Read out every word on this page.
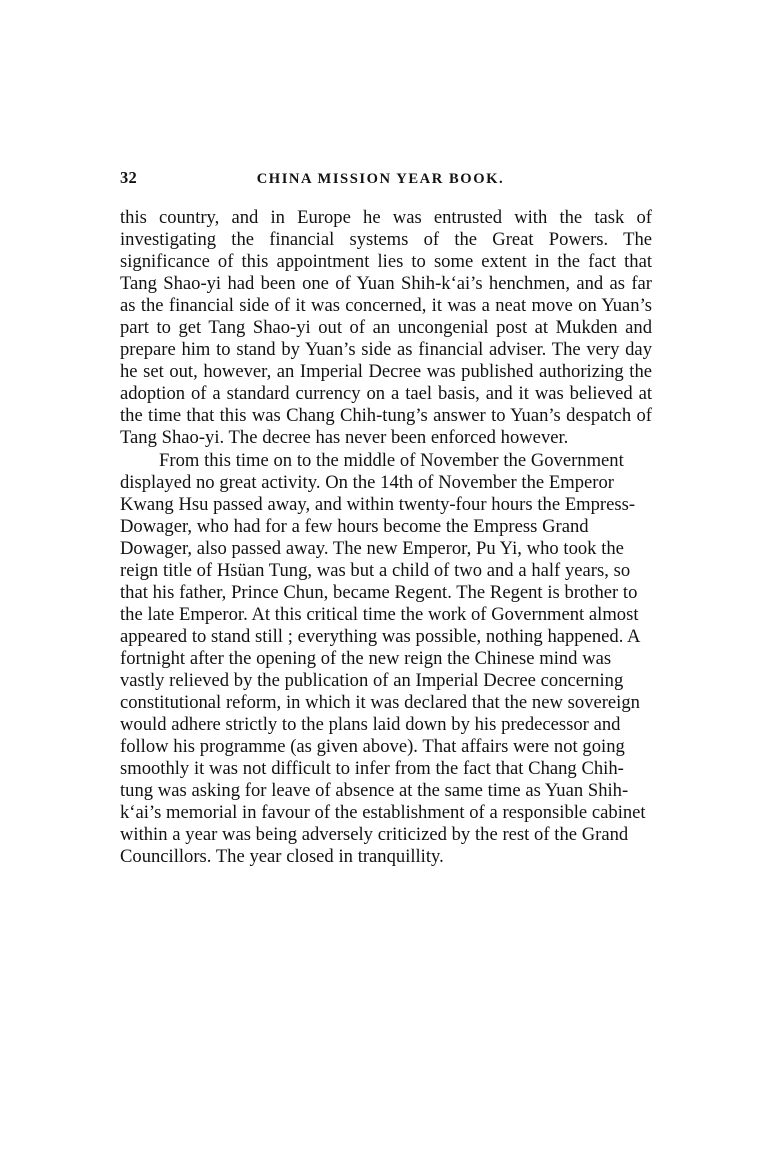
32	CHINA MISSION YEAR BOOK.

this country, and in Europe he was entrusted with the task of investigating the financial systems of the Great Powers. The significance of this appointment lies to some extent in the fact that Tang Shao-yi had been one of Yuan Shih-kʻai’s henchmen, and as far as the financial side of it was concerned, it was a neat move on Yuan’s part to get Tang Shao-yi out of an uncongenial post at Mukden and prepare him to stand by Yuan’s side as financial adviser. The very day he set out, however, an Imperial Decree was published authorizing the adoption of a standard currency on a tael basis, and it was believed at the time that this was Chang Chih-tung’s answer to Yuan’s despatch of Tang Shao-yi. The decree has never been enforced however.

From this time on to the middle of November the Government displayed no great activity. On the 14th of November the Emperor Kwang Hsu passed away, and within twenty-four hours the Empress-Dowager, who had for a few hours become the Empress Grand Dowager, also passed away. The new Emperor, Pu Yi, who took the reign title of Hsüan Tung, was but a child of two and a half years, so that his father, Prince Chun, became Regent. The Regent is brother to the late Emperor. At this critical time the work of Government almost appeared to stand still ; everything was possible, nothing happened. A fortnight after the opening of the new reign the Chinese mind was vastly relieved by the publication of an Imperial Decree concerning constitutional reform, in which it was declared that the new sovereign would adhere strictly to the plans laid down by his predecessor and follow his programme (as given above). That affairs were not going smoothly it was not difficult to infer from the fact that Chang Chih-tung was asking for leave of absence at the same time as Yuan Shih-kʻai’s memorial in favour of the establishment of a responsible cabinet within a year was being adversely criticized by the rest of the Grand Councillors. The year closed in tranquillity.
